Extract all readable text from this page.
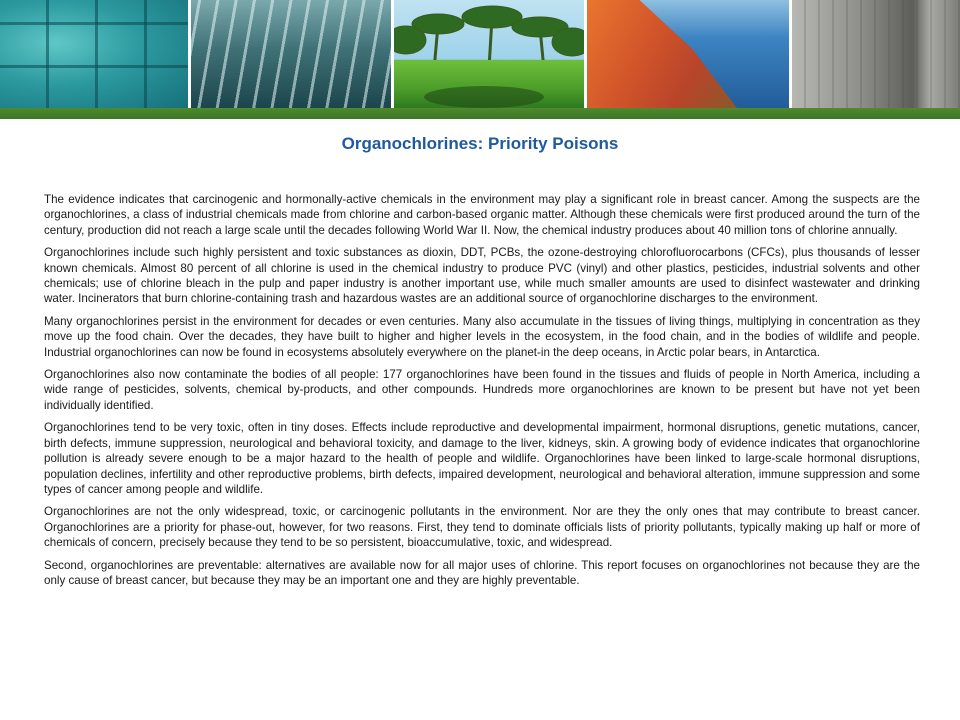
Organochlorines: Priority Poisons

The evidence indicates that carcinogenic and hormonally-active chemicals in the environment may play a significant role in breast cancer. Among the suspects are the organochlorines, a class of industrial chemicals made from chlorine and carbon-based organic matter. Although these chemicals were first produced around the turn of the century, production did not reach a large scale until the decades following World War II. Now, the chemical industry produces about 40 million tons of chlorine annually.

Organochlorines include such highly persistent and toxic substances as dioxin, DDT, PCBs, the ozone-destroying chlorofluorocarbons (CFCs), plus thousands of lesser known chemicals. Almost 80 percent of all chlorine is used in the chemical industry to produce PVC (vinyl) and other plastics, pesticides, industrial solvents and other chemicals; use of chlorine bleach in the pulp and paper industry is another important use, while much smaller amounts are used to disinfect wastewater and drinking water. Incinerators that burn chlorine-containing trash and hazardous wastes are an additional source of organochlorine discharges to the environment.

Many organochlorines persist in the environment for decades or even centuries. Many also accumulate in the tissues of living things, multiplying in concentration as they move up the food chain. Over the decades, they have built to higher and higher levels in the ecosystem, in the food chain, and in the bodies of wildlife and people. Industrial organochlorines can now be found in ecosystems absolutely everywhere on the planet-in the deep oceans, in Arctic polar bears, in Antarctica.

Organochlorines also now contaminate the bodies of all people: 177 organochlorines have been found in the tissues and fluids of people in North America, including a wide range of pesticides, solvents, chemical by-products, and other compounds. Hundreds more organochlorines are known to be present but have not yet been individually identified.

Organochlorines tend to be very toxic, often in tiny doses. Effects include reproductive and developmental impairment, hormonal disruptions, genetic mutations, cancer, birth defects, immune suppression, neurological and behavioral toxicity, and damage to the liver, kidneys, skin. A growing body of evidence indicates that organochlorine pollution is already severe enough to be a major hazard to the health of people and wildlife. Organochlorines have been linked to large-scale hormonal disruptions, population declines, infertility and other reproductive problems, birth defects, impaired development, neurological and behavioral alteration, immune suppression and some types of cancer among people and wildlife.

Organochlorines are not the only widespread, toxic, or carcinogenic pollutants in the environment. Nor are they the only ones that may contribute to breast cancer. Organochlorines are a priority for phase-out, however, for two reasons. First, they tend to dominate officials lists of priority pollutants, typically making up half or more of chemicals of concern, precisely because they tend to be so persistent, bioaccumulative, toxic, and widespread.

Second, organochlorines are preventable: alternatives are available now for all major uses of chlorine. This report focuses on organochlorines not because they are the only cause of breast cancer, but because they may be an important one and they are highly preventable.
